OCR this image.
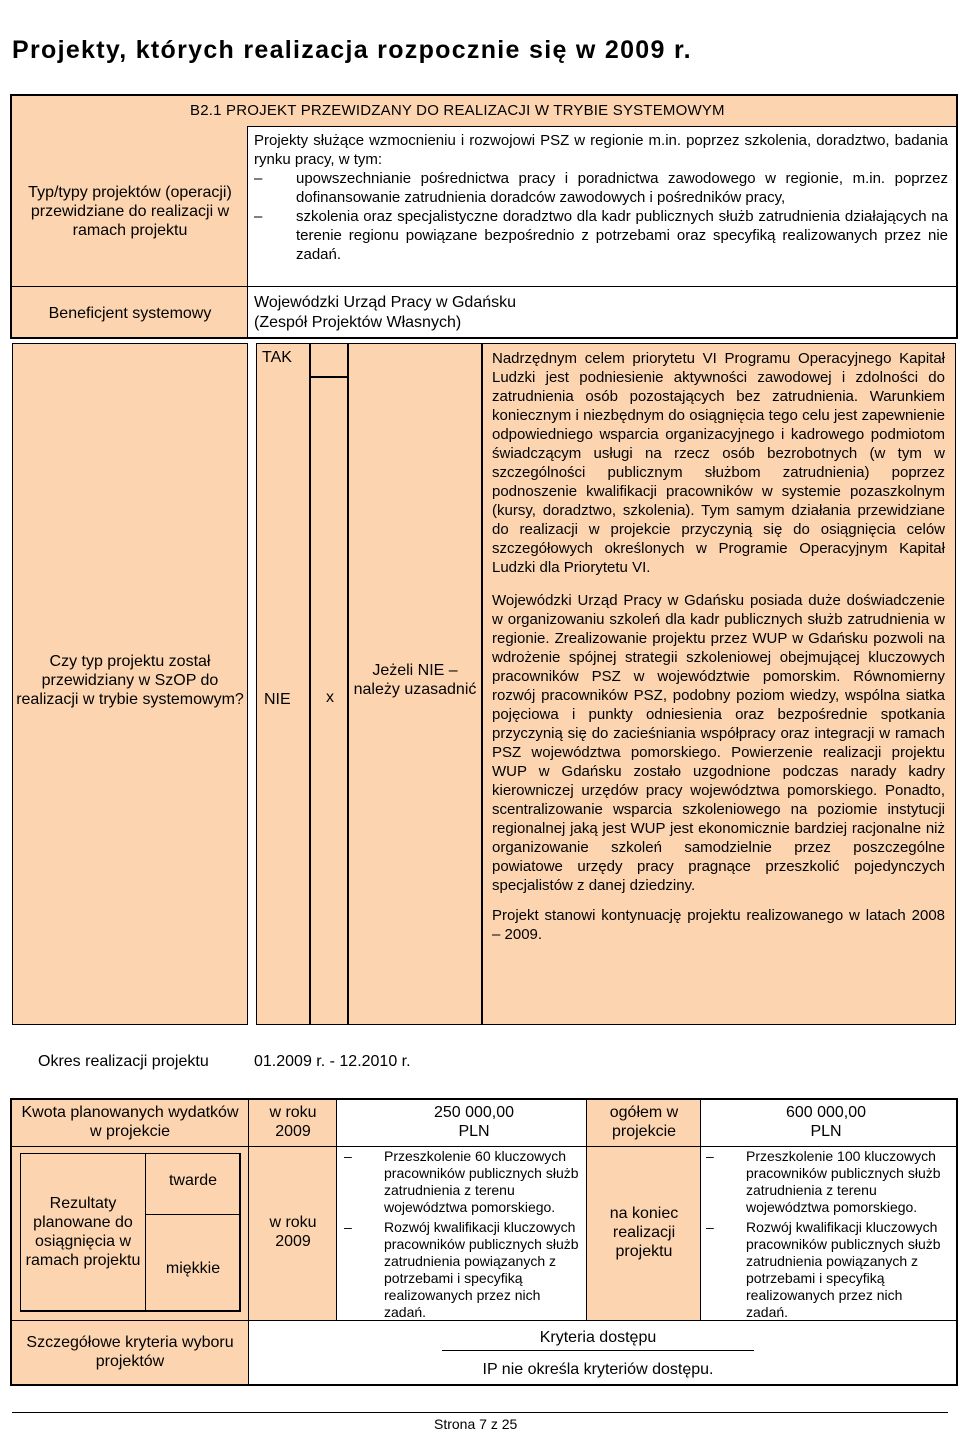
Projekty, których realizacja rozpocznie się w 2009 r.
B2.1 PROJEKT PRZEWIDZANY DO REALIZACJI W TRYBIE SYSTEMOWYM
Typ/typy projektów (operacji) przewidziane do realizacji w ramach projektu
Projekty służące wzmocnieniu i rozwojowi PSZ w regionie m.in. poprzez szkolenia, doradztwo, badania rynku pracy, w tym:
– upowszechnianie pośrednictwa pracy i poradnictwa zawodowego w regionie, m.in. poprzez dofinansowanie zatrudnienia doradców zawodowych i pośredników pracy,
– szkolenia oraz specjalistyczne doradztwo dla kadr publicznych służb zatrudnienia działających na terenie regionu powiązane bezpośrednio z potrzebami oraz specyfiką realizowanych przez nie zadań.
Beneficjent systemowy
Wojewódzki Urząd Pracy w Gdańsku (Zespół Projektów Własnych)
Czy typ projektu został przewidziany w SzOP do realizacji w trybie systemowym?
TAK
NIE	x
Jeżeli NIE – należy uzasadnić
Nadrzędnym celem priorytetu VI Programu Operacyjnego Kapitał Ludzki jest podniesienie aktywności zawodowej i zdolności do zatrudnienia osób pozostających bez zatrudnienia. Warunkiem koniecznym i niezbędnym do osiągnięcia tego celu jest zapewnienie odpowiedniego wsparcia organizacyjnego i kadrowego podmiotom świadczącym usługi na rzecz osób bezrobotnych (w tym w szczególności publicznym służbom zatrudnienia) poprzez podnoszenie kwalifikacji pracowników w systemie pozaszkolnym (kursy, doradztwo, szkolenia). Tym samym działania przewidziane do realizacji w projekcie przyczynią się do osiągnięcia celów szczegółowych określonych w Programie Operacyjnym Kapitał Ludzki dla Priorytetu VI.
Wojewódzki Urząd Pracy w Gdańsku posiada duże doświadczenie w organizowaniu szkoleń dla kadr publicznych służb zatrudnienia w regionie. Zrealizowanie projektu przez WUP w Gdańsku pozwoli na wdrożenie spójnej strategii szkoleniowej obejmującej kluczowych pracowników PSZ w województwie pomorskim. Równomierny rozwój pracowników PSZ, podobny poziom wiedzy, wspólna siatka pojęciowa i punkty odniesienia oraz bezpośrednie spotkania przyczynią się do zacieśniania współpracy oraz integracji w ramach PSZ województwa pomorskiego. Powierzenie realizacji projektu WUP w Gdańsku zostało uzgodnione podczas narady kadry kierowniczej urzędów pracy województwa pomorskiego. Ponadto, scentralizowanie wsparcia szkoleniowego na poziomie instytucji regionalnej jaką jest WUP jest ekonomicznie bardziej racjonalne niż organizowanie szkoleń samodzielnie przez poszczególne powiatowe urzędy pracy pragnące przeszkolić pojedynczych specjalistów z danej dziedziny.
Projekt stanowi kontynuację projektu realizowanego w latach 2008 – 2009.
Okres realizacji projektu	01.2009 r. - 12.2010 r.
Kwota planowanych wydatków w projekcie
w roku 2009
250 000,00 PLN
ogółem w projekcie
600 000,00 PLN
Rezultaty planowane do osiągnięcia w ramach projektu
twarde
miękkie
w roku 2009
na koniec realizacji projektu
– Przeszkolenie 60 kluczowych pracowników publicznych służb zatrudnienia z terenu województwa pomorskiego.
– Rozwój kwalifikacji kluczowych pracowników publicznych służb zatrudnienia powiązanych z potrzebami i specyfiką realizowanych przez nich zadań.
– Przeszkolenie 100 kluczowych pracowników publicznych służb zatrudnienia z terenu województwa pomorskiego.
– Rozwój kwalifikacji kluczowych pracowników publicznych służb zatrudnienia powiązanych z potrzebami i specyfiką realizowanych przez nich zadań.
Szczegółowe kryteria wyboru projektów
Kryteria dostępu
IP nie określa kryteriów dostępu.
Strona 7 z 25
